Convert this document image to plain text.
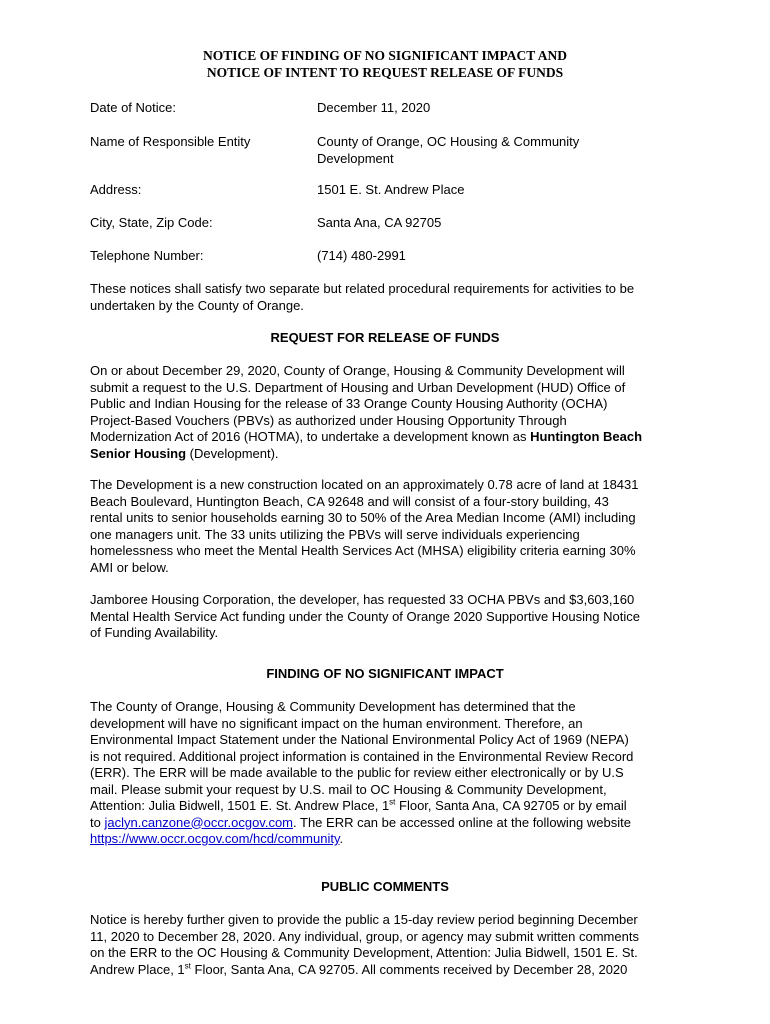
NOTICE OF FINDING OF NO SIGNIFICANT IMPACT AND
NOTICE OF INTENT TO REQUEST RELEASE OF FUNDS
Date of Notice:	December 11, 2020
Name of Responsible Entity	County of Orange, OC Housing & Community
Development
Address:	1501 E. St. Andrew Place
City, State, Zip Code:	Santa Ana, CA 92705
Telephone Number:	(714) 480-2991
These notices shall satisfy two separate but related procedural requirements for activities to be
undertaken by the County of Orange.
REQUEST FOR RELEASE OF FUNDS
On or about December 29, 2020, County of Orange, Housing & Community Development will
submit a request to the U.S. Department of Housing and Urban Development (HUD) Office of
Public and Indian Housing for the release of 33 Orange County Housing Authority (OCHA)
Project-Based Vouchers (PBVs) as authorized under Housing Opportunity Through
Modernization Act of 2016 (HOTMA), to undertake a development known as Huntington Beach
Senior Housing (Development).
The Development is a new construction located on an approximately 0.78 acre of land at 18431
Beach Boulevard, Huntington Beach, CA 92648 and will consist of a four-story building, 43
rental units to senior households earning 30 to 50% of the Area Median Income (AMI) including
one managers unit. The 33 units utilizing the PBVs will serve individuals experiencing
homelessness who meet the Mental Health Services Act (MHSA) eligibility criteria earning 30%
AMI or below.
Jamboree Housing Corporation, the developer, has requested 33 OCHA PBVs and $3,603,160
Mental Health Service Act funding under the County of Orange 2020 Supportive Housing Notice
of Funding Availability.
FINDING OF NO SIGNIFICANT IMPACT
The County of Orange, Housing & Community Development has determined that the
development will have no significant impact on the human environment. Therefore, an
Environmental Impact Statement under the National Environmental Policy Act of 1969 (NEPA)
is not required. Additional project information is contained in the Environmental Review Record
(ERR). The ERR will be made available to the public for review either electronically or by U.S
mail. Please submit your request by U.S. mail to OC Housing & Community Development,
Attention: Julia Bidwell, 1501 E. St. Andrew Place, 1st Floor, Santa Ana, CA 92705 or by email
to jaclyn.canzone@occr.ocgov.com. The ERR can be accessed online at the following website
https://www.occr.ocgov.com/hcd/community.
PUBLIC COMMENTS
Notice is hereby further given to provide the public a 15-day review period beginning December
11, 2020 to December 28, 2020. Any individual, group, or agency may submit written comments
on the ERR to the OC Housing & Community Development, Attention: Julia Bidwell, 1501 E. St.
Andrew Place, 1st Floor, Santa Ana, CA 92705. All comments received by December 28, 2020
